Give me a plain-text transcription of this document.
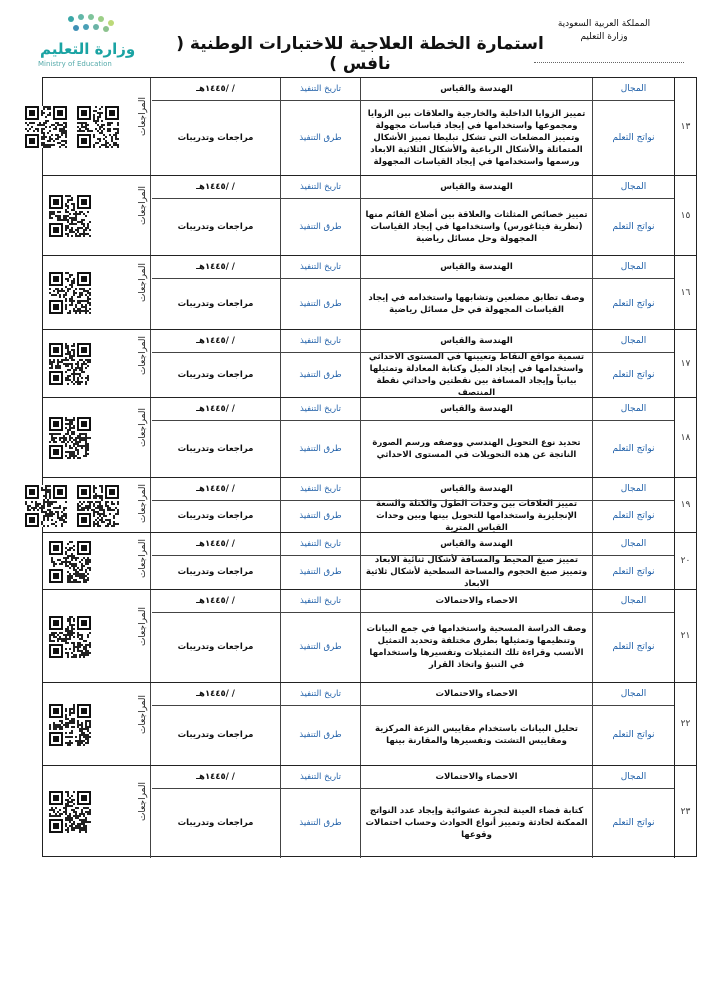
المملكة العربية السعودية
وزارة التعليم
استمارة الخطة العلاجية للاختبارات الوطنية ( نافس )
وزارة التعليم
Ministry of Education
١٣
المجال
نواتج التعلم
الهندسة والقياس
تمييز الزوايا الداخلية والخارجية والعلاقات بين الزوايا ومجموعها واستخدامها في إيجاد قياسات مجهولة وتمييز المضلعات التي تشكل تبليطا تمييز الأشكال المتماثلة والأشكال الرباعية والأشكال الثلاثية الابعاد ورسمها واستخدامها في إيجاد القياسات المجهولة
تاريخ التنفيذ
طرق التنفيذ
/ /١٤٤٥هـ
مراجعات وتدريبات
المراجعات
١٥
المجال
نواتج التعلم
الهندسة والقياس
تمييز خصائص المثلثات والعلاقة بين أضلاع القائم منها (نظرية فيثاغورس) واستخدامها في إيجاد القياسات المجهولة وحل مسائل رياضية
تاريخ التنفيذ
طرق التنفيذ
/ /١٤٤٥هـ
مراجعات وتدريبات
المراجعات
١٦
المجال
نواتج التعلم
الهندسة والقياس
وصف تطابق مضلعين وتشابهها واستخدامه في إيجاد القياسات المجهولة في حل مسائل رياضية
تاريخ التنفيذ
طرق التنفيذ
/ /١٤٤٥هـ
مراجعات وتدريبات
المراجعات
١٧
المجال
نواتج التعلم
الهندسة والقياس
تسمية مواقع النقاط وتعيينها في المستوى الاحداثي واستخدامها في إيجاد الميل وكتابة المعادلة وتمثيلها بيانياً وإيجاد المسافة بين نقطتين واحداثي نقطة المنتصف
تاريخ التنفيذ
طرق التنفيذ
/ /١٤٤٥هـ
مراجعات وتدريبات
المراجعات
١٨
المجال
نواتج التعلم
الهندسة والقياس
تحديد نوع التحويل الهندسي ووصفه ورسم الصورة الناتجة عن هذه التحويلات في المستوى الاحداثي
تاريخ التنفيذ
طرق التنفيذ
/ /١٤٤٥هـ
مراجعات وتدريبات
المراجعات
١٩
المجال
نواتج التعلم
الهندسة والقياس
تمييز العلاقات بين وحدات الطول والكتلة والسعة الإنجليزية واستخدامها للتحويل بينها وبين وحدات القياس المترية
تاريخ التنفيذ
طرق التنفيذ
/ /١٤٤٥هـ
مراجعات وتدريبات
المراجعات
٢٠
المجال
نواتج التعلم
الهندسة والقياس
تمييز صيغ المحيط والمسافة لأشكال ثنائية الابعاد وتمييز صيغ الحجوم والمساحة السطحية لأشكال ثلاثية الابعاد
تاريخ التنفيذ
طرق التنفيذ
/ /١٤٤٥هـ
مراجعات وتدريبات
المراجعات
٢١
المجال
نواتج التعلم
الاحصاء والاحتمالات
وصف الدراسة المسحية واستخدامها في جمع البيانات وتنظيمها وتمثيلها بطرق مختلفة وتحديد التمثيل الأنسب وقراءة تلك التمثيلات وتفسيرها واستخدامها في التنبؤ واتخاذ القرار
تاريخ التنفيذ
طرق التنفيذ
/ /١٤٤٥هـ
مراجعات وتدريبات
المراجعات
٢٢
المجال
نواتج التعلم
الاحصاء والاحتمالات
تحليل البيانات باستخدام مقاييس النزعة المركزية ومقاييس التشتت وتفسيرها والمقارنة بينها
تاريخ التنفيذ
طرق التنفيذ
/ /١٤٤٥هـ
مراجعات وتدريبات
المراجعات
٢٣
المجال
نواتج التعلم
الاحصاء والاحتمالات
كتابة فضاء العينة لتجربة عشوائية وإيجاد عدد النواتج الممكنة لحادثة وتمييز أنواع الحوادث وحساب احتمالات وقوعها
تاريخ التنفيذ
طرق التنفيذ
/ /١٤٤٥هـ
مراجعات وتدريبات
المراجعات
